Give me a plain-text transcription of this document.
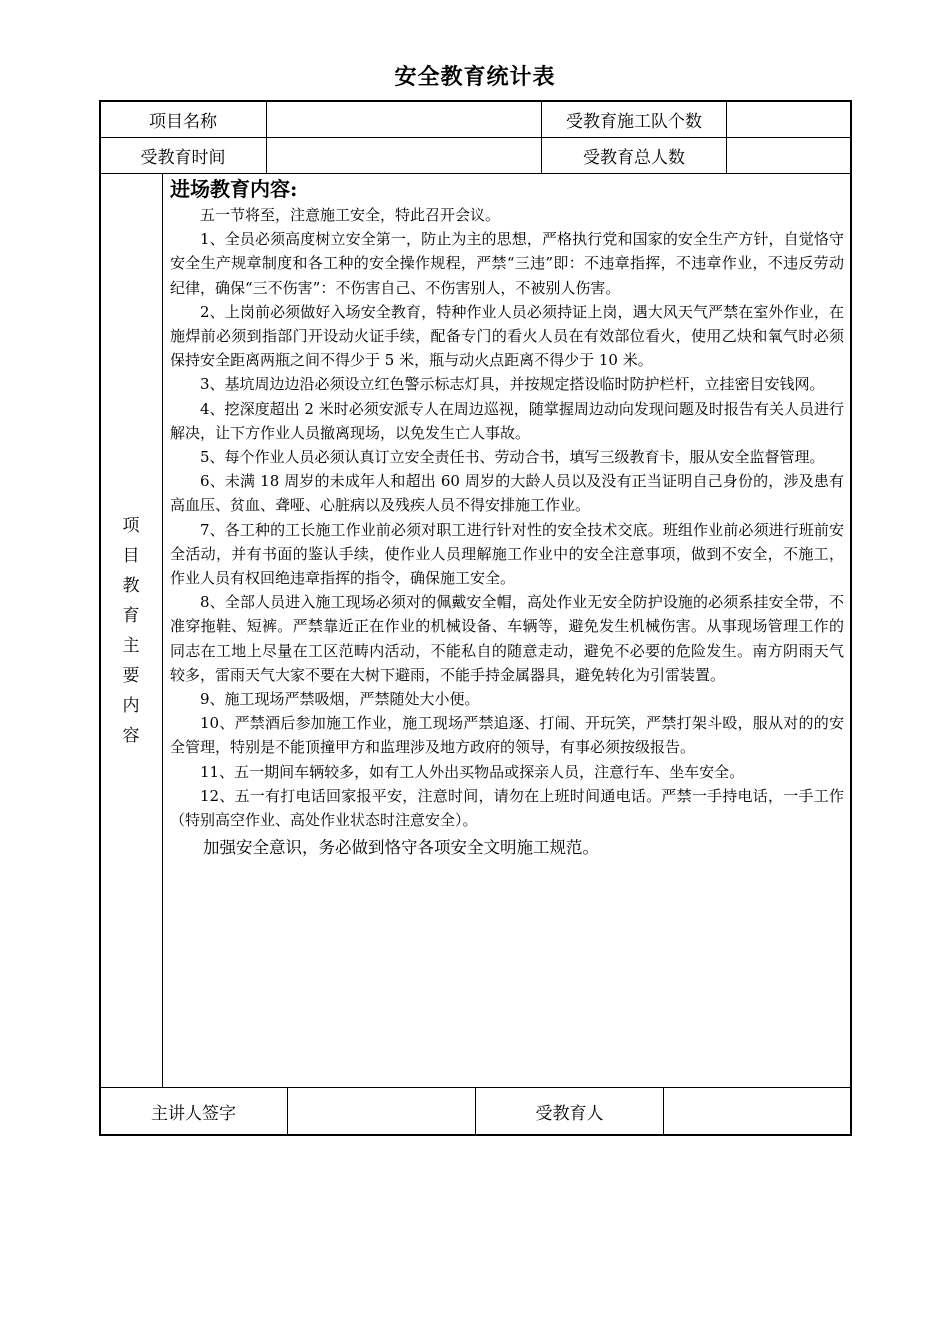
安全教育统计表
项目名称	受教育施工队个数
受教育时间	受教育总人数
项
目
教
育
主
要
内
容

进场教育内容:

五一节将至，注意施工安全，特此召开会议。

1、全员必须高度树立安全第一，防止为主的思想，严格执行党和国家的安全生产方针，自觉恪守安全生产规章制度和各工种的安全操作规程，严禁“三违”即：不违章指挥，不违章作业，不违反劳动纪律，确保“三不伤害”：不伤害自己、不伤害别人，不被别人伤害。

2、上岗前必须做好入场安全教育，特种作业人员必须持证上岗，遇大风天气严禁在室外作业，在施焊前必须到指部门开设动火证手续，配备专门的看火人员在有效部位看火，使用乙炔和氧气时必须保持安全距离两瓶之间不得少于 5 米，瓶与动火点距离不得少于 10 米。

3、基坑周边边沿必须设立红色警示标志灯具，并按规定搭设临时防护栏杆，立挂密目安钱网。

4、挖深度超出 2 米时必须安派专人在周边巡视，随掌握周边动向发现问题及时报告有关人员进行解决，让下方作业人员撤离现场，以免发生亡人事故。

5、每个作业人员必须认真订立安全责任书、劳动合书，填写三级教育卡，服从安全监督管理。

6、未满 18 周岁的未成年人和超出 60 周岁的大龄人员以及没有正当证明自己身份的，涉及患有高血压、贫血、聋哑、心脏病以及残疾人员不得安排施工作业。

7、各工种的工长施工作业前必须对职工进行针对性的安全技术交底。班组作业前必须进行班前安全活动，并有书面的鉴认手续，使作业人员理解施工作业中的安全注意事项，做到不安全，不施工，作业人员有权回绝违章指挥的指令，确保施工安全。

8、全部人员进入施工现场必须对的佩戴安全帽，高处作业无安全防护设施的必须系挂安全带，不准穿拖鞋、短裤。严禁靠近正在作业的机械设备、车辆等，避免发生机械伤害。从事现场管理工作的同志在工地上尽量在工区范畴内活动，不能私自的随意走动，避免不必要的危险发生。南方阴雨天气较多，雷雨天气大家不要在大树下避雨，不能手持金属器具，避免转化为引雷装置。

9、施工现场严禁吸烟，严禁随处大小便。

10、严禁酒后参加施工作业，施工现场严禁追逐、打闹、开玩笑，严禁打架斗殴，服从对的的安全管理，特别是不能顶撞甲方和监理涉及地方政府的领导，有事必须按级报告。

11、五一期间车辆较多，如有工人外出买物品或探亲人员，注意行车、坐车安全。

12、五一有打电话回家报平安，注意时间，请勿在上班时间通电话。严禁一手持电话，一手工作（特别高空作业、高处作业状态时注意安全）。

加强安全意识，务必做到恪守各项安全文明施工规范。

主讲人签字	受教育人
